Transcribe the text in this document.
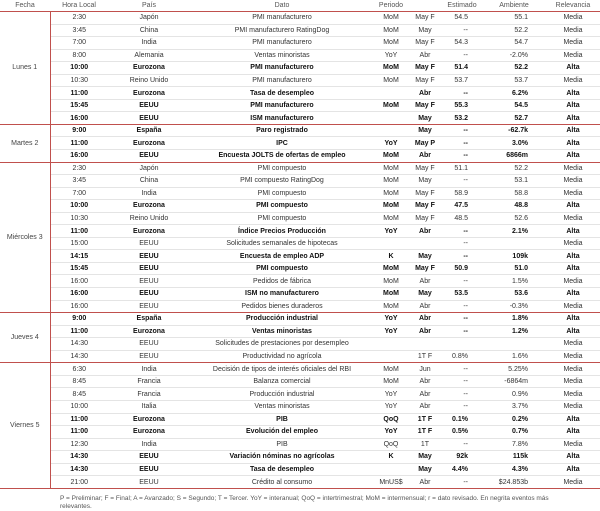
Fecha	Hora Local	País	Dato	Periodo		Estimado	Ambiente	Relevancia
Lunes 1	2:30	Japón	PMI manufacturero	MoM	May F	54.5	55.1	Media
	3:45	China	PMI manufacturero RatingDog	MoM	May	--	52.2	Media
	7:00	India	PMI manufacturero	MoM	May F	54.3	54.7	Media
	8:00	Alemania	Ventas minoristas	YoY	Abr	--	-2.0%	Media
	10:00	Eurozona	PMI manufacturero	MoM	May F	51.4	52.2	Alta
	10:30	Reino Unido	PMI manufacturero	MoM	May F	53.7	53.7	Media
	11:00	Eurozona	Tasa de desempleo		Abr	--	6.2%	Alta
	15:45	EEUU	PMI manufacturero	MoM	May F	55.3	54.5	Alta
	16:00	EEUU	ISM manufacturero		May	53.2	52.7	Alta
Martes 2	9:00	España	Paro registrado		May	--	-62.7k	Alta
	11:00	Eurozona	IPC	YoY	May P	--	3.0%	Alta
	16:00	EEUU	Encuesta JOLTS de ofertas de empleo	MoM	Abr	--	6866m	Alta
Miércoles 3	2:30	Japón	PMI compuesto	MoM	May F	51.1	52.2	Media
	3:45	China	PMI compuesto RatingDog	MoM	May	--	53.1	Media
	7:00	India	PMI compuesto	MoM	May F	58.9	58.8	Media
	10:00	Eurozona	PMI compuesto	MoM	May F	47.5	48.8	Alta
	10:30	Reino Unido	PMI compuesto	MoM	May F	48.5	52.6	Media
	11:00	Eurozona	Índice Precios Producción	YoY	Abr	--	2.1%	Alta
	15:00	EEUU	Solicitudes semanales de hipotecas			--		Media
	14:15	EEUU	Encuesta de empleo ADP	K	May	--	109k	Alta
	15:45	EEUU	PMI compuesto	MoM	May F	50.9	51.0	Alta
	16:00	EEUU	Pedidos de fábrica	MoM	Abr	--	1.5%	Media
	16:00	EEUU	ISM no manufacturero	MoM	May	53.5	53.6	Alta
	16:00	EEUU	Pedidos bienes duraderos	MoM	Abr	--	-0.3%	Media
Jueves 4	9:00	España	Producción industrial	YoY	Abr	--	1.8%	Alta
	11:00	Eurozona	Ventas minoristas	YoY	Abr	--	1.2%	Alta
	14:30	EEUU	Solicitudes de prestaciones por desempleo					Media
	14:30	EEUU	Productividad no agrícola		1T F	0.8%	1.6%	Media
Viernes 5	6:30	India	Decisión de tipos de interés oficiales del RBI	MoM	Jun	--	5.25%	Media
	8:45	Francia	Balanza comercial	MoM	Abr	--	-6864m	Media
	8:45	Francia	Producción industrial	YoY	Abr	--	0.9%	Media
	10:00	Italia	Ventas minoristas	YoY	Abr	--	3.7%	Media
	11:00	Eurozona	PIB	QoQ	1T F	0.1%	0.2%	Alta
	11:00	Eurozona	Evolución del empleo	YoY	1T F	0.5%	0.7%	Alta
	12:30	India	PIB	QoQ	1T	--	7.8%	Media
	14:30	EEUU	Variación nóminas no agrícolas	K	May	92k	115k	Alta
	14:30	EEUU	Tasa de desempleo		May	4.4%	4.3%	Alta
	21:00	EEUU	Crédito al consumo	MnUS$	Abr	--	$24.853b	Media
P = Preliminar; F = Final; A = Avanzado; S = Segundo; T = Tercer. YoY = interanual; QoQ = intertrimestral; MoM = intermensual; r = dato revisado. En negrita eventos más relevantes.
